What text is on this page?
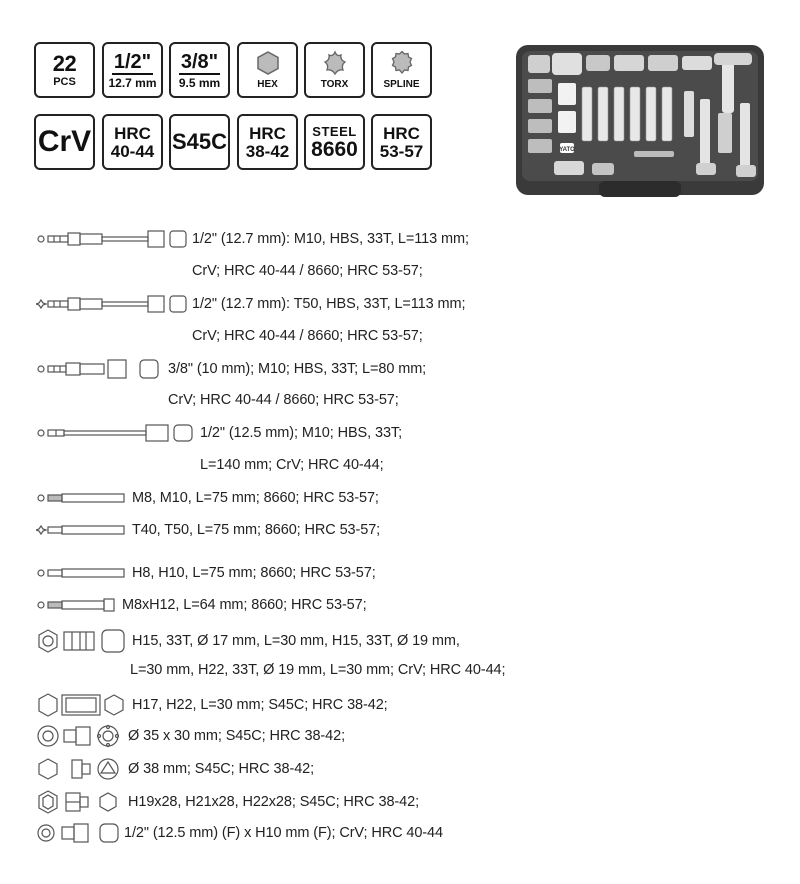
22
PCS
1/2"
12.7 mm
3/8"
9.5 mm	HEX	TORX	SPLINE
CrV HRC
40-44 S45C HRC
38-42
STEEL
8660
HRC
53-57	YATO
1/2" (12.7 mm): M10, HBS, 33T, L=113 mm;
CrV; HRC 40-44 / 8660; HRC 53-57;
1/2" (12.7 mm): T50, HBS, 33T, L=113 mm;
CrV; HRC 40-44 / 8660; HRC 53-57;
3/8" (10 mm); M10; HBS, 33T; L=80 mm;
CrV; HRC 40-44 / 8660; HRC 53-57;
1/2" (12.5 mm); M10; HBS, 33T;
L=140 mm; CrV; HRC 40-44;
M8, M10, L=75 mm; 8660; HRC 53-57;
T40, T50, L=75 mm; 8660; HRC 53-57;
H8, H10, L=75 mm; 8660; HRC 53-57;
M8xH12, L=64 mm; 8660; HRC 53-57;
H15, 33T, Ø 17 mm, L=30 mm, H15, 33T, Ø 19 mm,
L=30 mm, H22, 33T, Ø 19 mm, L=30 mm; CrV; HRC 40-44;
H17, H22, L=30 mm; S45C; HRC 38-42;
Ø 35 x 30 mm; S45C; HRC 38-42;
Ø 38 mm; S45C; HRC 38-42;
H19x28, H21x28, H22x28; S45C; HRC 38-42;
1/2" (12.5 mm) (F) x H10 mm (F); CrV; HRC 40-44
